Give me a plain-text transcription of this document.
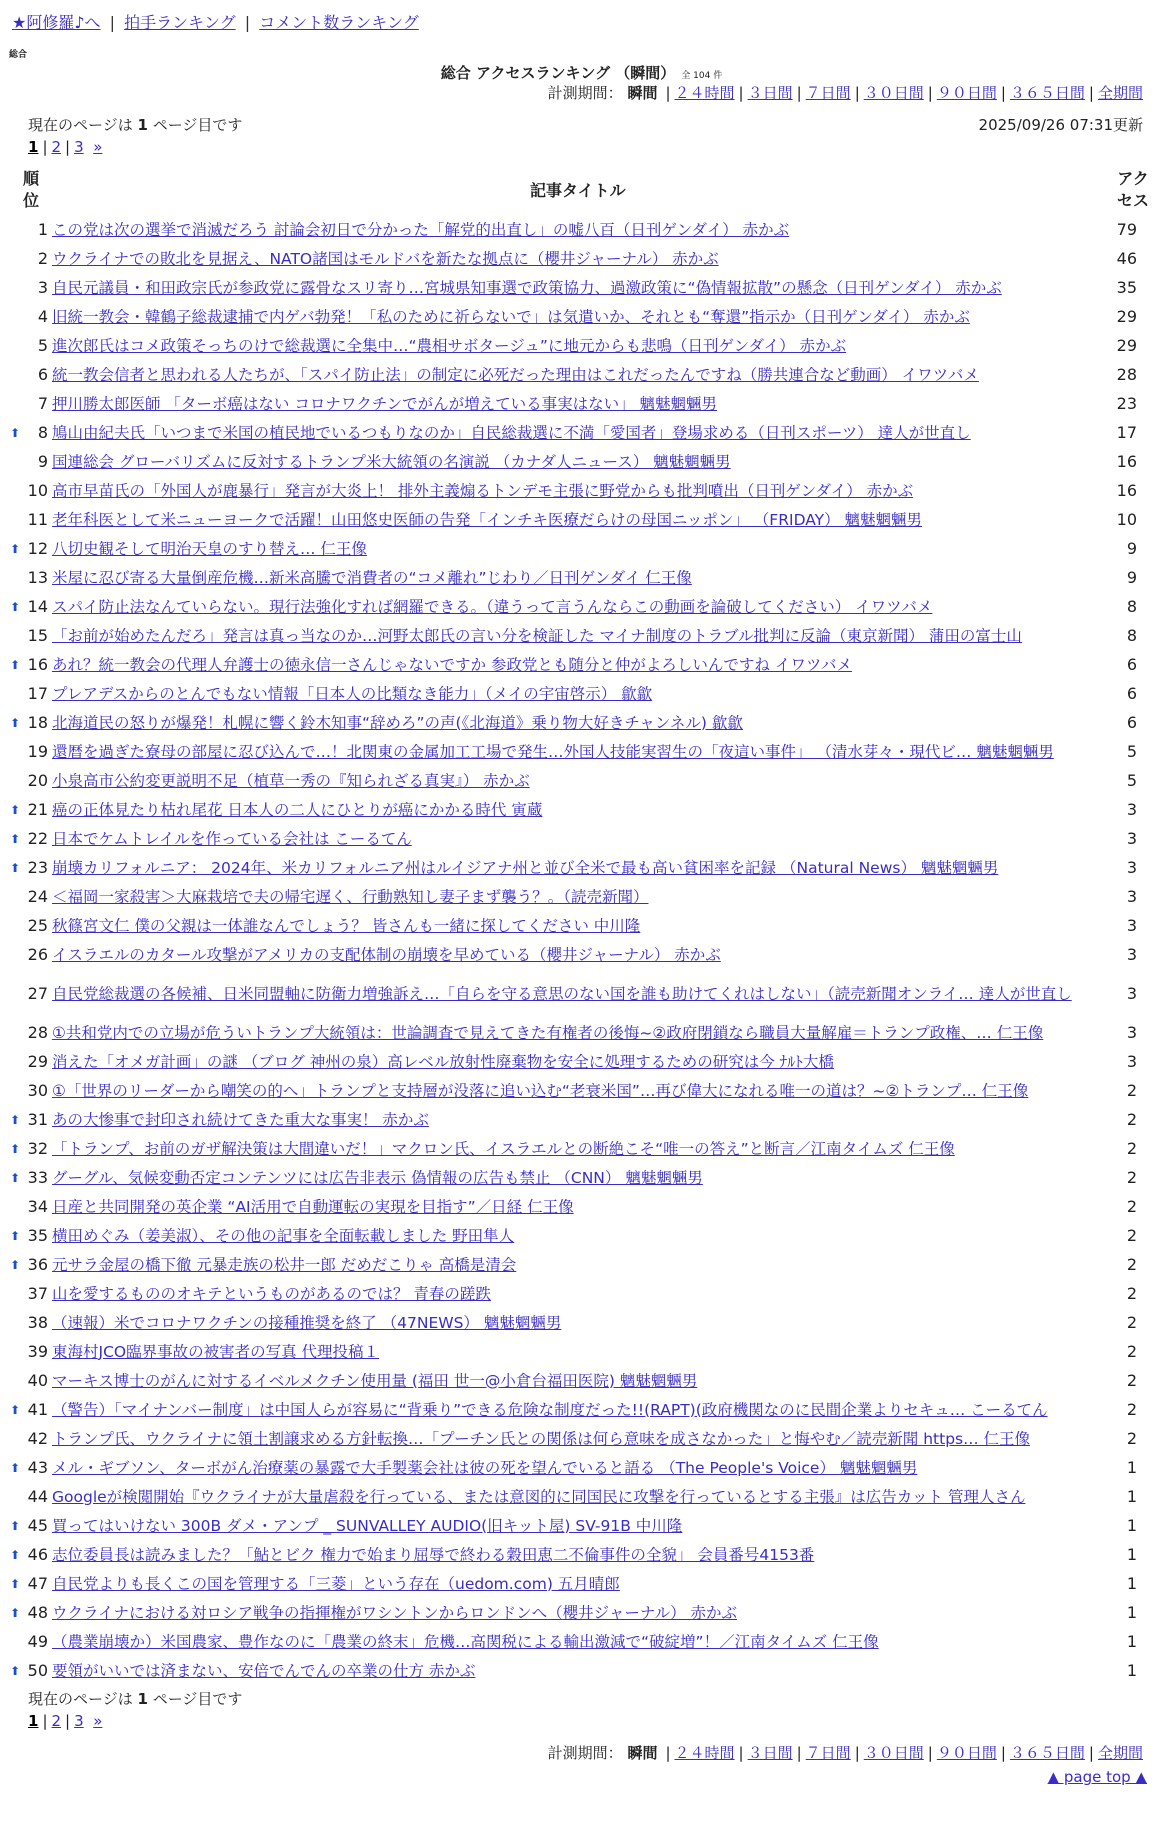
★阿修羅♪へ | 拍手ランキング | コメント数ランキング
総合
総合 アクセスランキング （瞬間） 全 104 件
計測期間： 瞬間 | ２４時間 | ３日間 | ７日間 | ３０日間 | ９０日間 | ３６５日間 | 全期間
現在のページは 1 ページ目です	2025/09/26 07:31更新
1 | 2 | 3 »
順位
記事タイトル
アクセス
1 この党は次の選挙で消滅だろう 討論会初日で分かった「解党的出直し」の嘘八百（日刊ゲンダイ） 赤かぶ	79
2 ウクライナでの敗北を見据え、NATO諸国はモルドバを新たな拠点に（櫻井ジャーナル） 赤かぶ	46
3 自民元議員・和田政宗氏が参政党に露骨なスリ寄り…宮城県知事選で政策協力、過激政策に“偽情報拡散”の懸念（日刊ゲンダイ） 赤かぶ	35
4 旧統一教会・韓鶴子総裁逮捕で内ゲバ勃発！「私のために祈らないで」は気遣いか、それとも“奪還”指示か（日刊ゲンダイ） 赤かぶ	29
5 進次郎氏はコメ政策そっちのけで総裁選に全集中…“農相サボタージュ”に地元からも悲鳴（日刊ゲンダイ） 赤かぶ	29
6 統一教会信者と思われる人たちが、「スパイ防止法」の制定に必死だった理由はこれだったんですね（勝共連合など動画） イワツバメ	28
7 押川勝太郎医師 「ターボ癌はない コロナワクチンでがんが増えている事実はない」 魑魅魍魎男	23
⬆	8 鳩山由紀夫氏「いつまで米国の植民地でいるつもりなのか」自民総裁選に不満「愛国者」登場求める（日刊スポーツ） 達人が世直し	17
9 国連総会 グローバリズムに反対するトランプ米大統領の名演説 （カナダ人ニュース） 魑魅魍魎男	16
10 高市早苗氏の「外国人が鹿暴行」発言が大炎上！ 排外主義煽るトンデモ主張に野党からも批判噴出（日刊ゲンダイ） 赤かぶ	16
11 老年科医として米ニューヨークで活躍！山田悠史医師の告発「インチキ医療だらけの母国ニッポン」 （FRIDAY） 魑魅魍魎男	10
⬆ 12 八切史観そして明治天皇のすり替え… 仁王像	9
13 米屋に忍び寄る大量倒産危機…新米高騰で消費者の“コメ離れ”じわり／日刊ゲンダイ 仁王像	9
⬆ 14 スパイ防止法なんていらない。現行法強化すれば網羅できる。（違うって言うんならこの動画を論破してください） イワツバメ	8
15 「お前が始めたんだろ」発言は真っ当なのか…河野太郎氏の言い分を検証した マイナ制度のトラブル批判に反論（東京新聞） 蒲田の富士山	8
⬆ 16 あれ？統一教会の代理人弁護士の徳永信一さんじゃないですか 参政党とも随分と仲がよろしいんですね イワツバメ	6
17 プレアデスからのとんでもない情報「日本人の比類なき能力」（メイの宇宙啓示） 歙歙	6
⬆ 18 北海道民の怒りが爆発！札幌に響く鈴木知事“辞めろ”の声(《北海道》乗り物大好きチャンネル) 歙歙	6
19 還暦を過ぎた寮母の部屋に忍び込んで…！北関東の金属加工工場で発生…外国人技能実習生の「夜這い事件」 （清水芽々・現代ビ… 魑魅魍魎男	5
20 小泉高市公約変更説明不足（植草一秀の『知られざる真実』） 赤かぶ	5
⬆ 21 癌の正体見たり枯れ尾花 日本人の二人にひとりが癌にかかる時代 寅蔵	3
⬆ 22 日本でケムトレイルを作っている会社は こーるてん	3
⬆ 23 崩壊カリフォルニア： 2024年、米カリフォルニア州はルイジアナ州と並び全米で最も高い貧困率を記録 （Natural News） 魑魅魍魎男	3
24 ＜福岡一家殺害＞大麻栽培で夫の帰宅遅く、行動熟知し妻子まず襲う？。（読売新聞）	3
25 秋篠宮文仁 僕の父親は一体誰なんでしょう？ 皆さんも一緒に探してください 中川隆	3
26 イスラエルのカタール攻撃がアメリカの支配体制の崩壊を早めている（櫻井ジャーナル） 赤かぶ	3
27 自民党総裁選の各候補、日米同盟軸に防衛力増強訴え…「自らを守る意思のない国を誰も助けてくれはしない」（読売新聞オンライ… 達人が世直し	3
28 ①共和党内での立場が危ういトランプ大統領は：世論調査で見えてきた有権者の後悔~②政府閉鎖なら職員大量解雇＝トランプ政権、… 仁王像	3
29 消えた「オメガ計画」の謎 （ブログ 神州の泉）高レベル放射性廃棄物を安全に処理するための研究は今 ﾅﾙﾄ大橋	3
30 ①「世界のリーダーから嘲笑の的へ」トランプと支持層が没落に追い込む“老衰米国”…再び偉大になれる唯一の道は？~②トランプ… 仁王像	2
⬆ 31 あの大惨事で封印され続けてきた重大な事実！ 赤かぶ	2
⬆ 32 「トランプ、お前のガザ解決策は大間違いだ！」マクロン氏、イスラエルとの断絶こそ“唯一の答え”と断言／江南タイムズ 仁王像	2
⬆ 33 グーグル、気候変動否定コンテンツには広告非表示 偽情報の広告も禁止 （CNN） 魑魅魍魎男	2
34 日産と共同開発の英企業 “AI活用で自動運転の実現を目指す”／日経 仁王像	2
⬆ 35 横田めぐみ（姜美淑）、その他の記事を全面転載しました 野田隼人	2
⬆ 36 元サラ金屋の橋下徹 元暴走族の松井一郎 だめだこりゃ 高橋是清会	2
37 山を愛するもののオキテというものがあるのでは？ 青春の蹉跌	2
38 （速報）米でコロナワクチンの接種推奨を終了 （47NEWS） 魑魅魍魎男	2
39 東海村JCO臨界事故の被害者の写真 代理投稿１	2
40 マーキス博士のがんに対するイベルメクチン使用量 (福田 世一@小倉台福田医院) 魑魅魍魎男	2
⬆ 41 （警告）「マイナンバー制度」は中国人らが容易に“背乗り”できる危険な制度だった!!(RAPT)(政府機関なのに民間企業よりセキュ… こーるてん	2
42 トランプ氏、ウクライナに領土割譲求める方針転換…「プーチン氏との関係は何ら意味を成さなかった」と悔やむ／読売新聞 https… 仁王像	2
⬆ 43 メル・ギブソン、ターボがん治療薬の暴露で大手製薬会社は彼の死を望んでいると語る （The People's Voice） 魑魅魍魎男	1
44 Googleが検閲開始『ウクライナが大量虐殺を行っている、または意図的に同国民に攻撃を行っているとする主張』は広告カット 管理人さん	1
⬆ 45 買ってはいけない 300B ダメ・アンプ _ SUNVALLEY AUDIO(旧キット屋) SV-91B 中川隆	1
⬆ 46 志位委員長は読みました？「鮎とビク 権力で始まり屈辱で終わる穀田恵二不倫事件の全貌」 会員番号4153番	1
⬆ 47 自民党よりも長くこの国を管理する「三菱」という存在（uedom.com) 五月晴郎	1
⬆ 48 ウクライナにおける対ロシア戦争の指揮権がワシントンからロンドンへ（櫻井ジャーナル） 赤かぶ	1
49 （農業崩壊か）米国農家、豊作なのに「農業の終末」危機…高関税による輸出激減で“破綻増”！／江南タイムズ 仁王像	1
⬆ 50 要領がいいでは済まない、安倍でんでんの卒業の仕方 赤かぶ	1
現在のページは 1 ページ目です
1 | 2 | 3 »
計測期間： 瞬間 | ２４時間 | ３日間 | ７日間 | ３０日間 | ９０日間 | ３６５日間 | 全期間
▲ page top ▲
